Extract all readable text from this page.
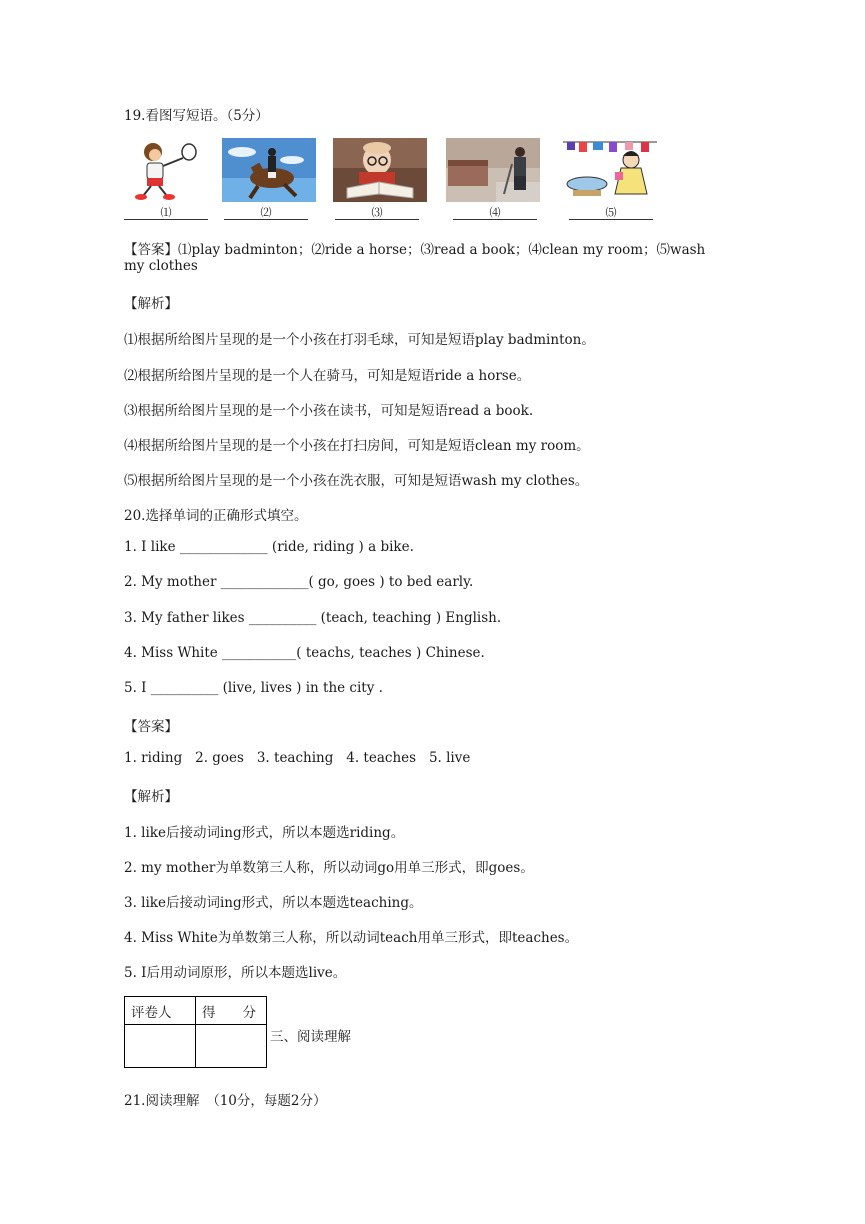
19.看图写短语。（5分）
⑴	⑵	⑶	⑷	⑸
【答案】⑴play badminton；⑵ride a horse；⑶read a book；⑷clean my room；⑸wash
my clothes
【解析】
⑴根据所给图片呈现的是一个小孩在打羽毛球，可知是短语play badminton。
⑵根据所给图片呈现的是一个人在骑马，可知是短语ride a horse。
⑶根据所给图片呈现的是一个小孩在读书，可知是短语read a book.
⑷根据所给图片呈现的是一个小孩在打扫房间，可知是短语clean my room。
⑸根据所给图片呈现的是一个小孩在洗衣服，可知是短语wash my clothes。
20.选择单词的正确形式填空。
1. I like _____________ (ride, riding ) a bike.
2. My mother _____________( go, goes ) to bed early.
3. My father likes __________ (teach, teaching ) English.
4. Miss White ___________( teachs, teaches ) Chinese.
5. I __________ (live, lives ) in the city .
【答案】
1. riding   2. goes   3. teaching   4. teaches   5. live
【解析】
1. like后接动词ing形式，所以本题选riding。
2. my mother为单数第三人称，所以动词go用单三形式，即goes。
3. like后接动词ing形式，所以本题选teaching。
4. Miss White为单数第三人称，所以动词teach用单三形式，即teaches。
5. I后用动词原形，所以本题选live。
评卷人	得　　分

三、阅读理解
21.阅读理解　（10分，每题2分）
